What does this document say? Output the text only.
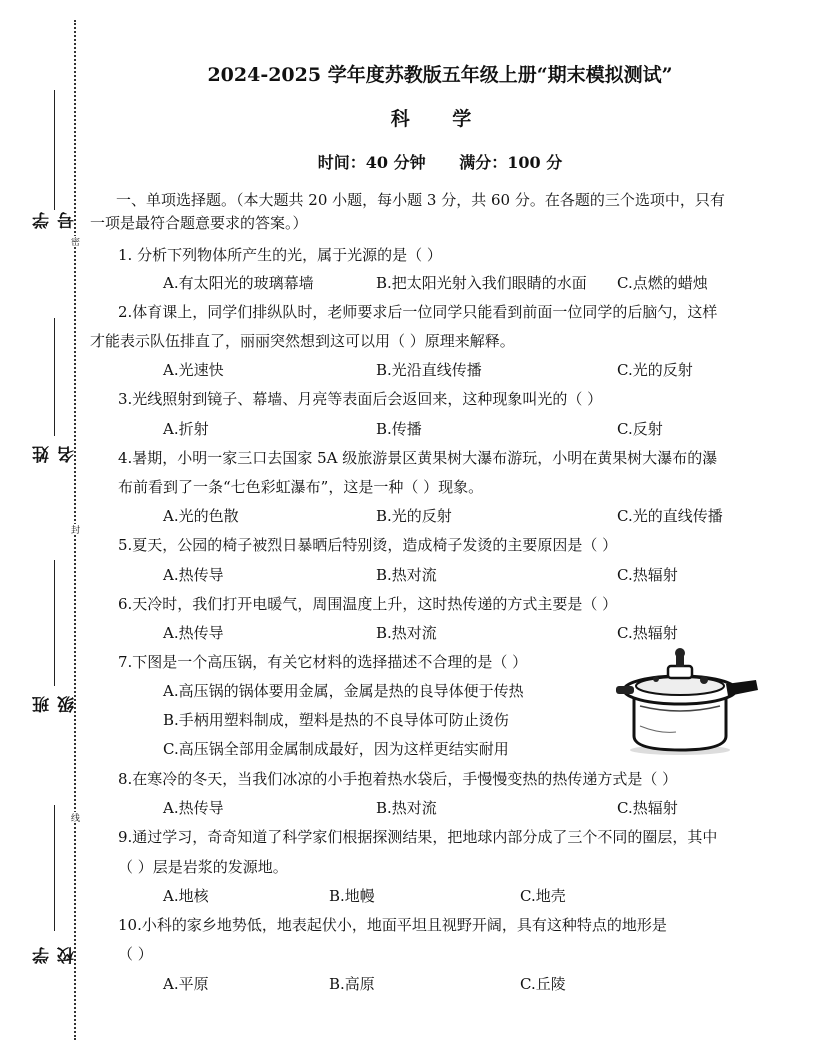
密
封
线
学号
姓名
班级
学校
2024-2025 学年度苏教版五年级上册“期末模拟测试”
科 学
时间：40 分钟 满分：100 分
一、单项选择题。（本大题共 20 小题，每小题 3 分，共 60 分。在各题的三个选项中，只有
一项是最符合题意要求的答案。）
1. 分析下列物体所产生的光，属于光源的是（ ）
A.有太阳光的玻璃幕墙	B.把太阳光射入我们眼睛的水面 C.点燃的蜡烛
2.体育课上，同学们排纵队时，老师要求后一位同学只能看到前面一位同学的后脑勺，这样
才能表示队伍排直了，丽丽突然想到这可以用（ ）原理来解释。
A.光速快	B.光沿直线传播	C.光的反射
3.光线照射到镜子、幕墙、月亮等表面后会返回来，这种现象叫光的（ ）
A.折射	B.传播	C.反射
4.暑期，小明一家三口去国家 5A 级旅游景区黄果树大瀑布游玩，小明在黄果树大瀑布的瀑
布前看到了一条“七色彩虹瀑布”，这是一种（ ）现象。
A.光的色散	B.光的反射	C.光的直线传播
5.夏天，公园的椅子被烈日暴晒后特别烫，造成椅子发烫的主要原因是（ ）
A.热传导	B.热对流	C.热辐射
6.天冷时，我们打开电暖气，周围温度上升，这时热传递的方式主要是（ ）
A.热传导	B.热对流	C.热辐射
7.下图是一个高压锅，有关它材料的选择描述不合理的是（ ）
A.高压锅的锅体要用金属，金属是热的良导体便于传热
B.手柄用塑料制成，塑料是热的不良导体可防止烫伤
C.高压锅全部用金属制成最好，因为这样更结实耐用
8.在寒冷的冬天，当我们冰凉的小手抱着热水袋后，手慢慢变热的热传递方式是（ ）
A.热传导	B.热对流	C.热辐射
9.通过学习，奇奇知道了科学家们根据探测结果，把地球内部分成了三个不同的圈层，其中
（ ）层是岩浆的发源地。
A.地核	B.地幔	C.地壳
10.小科的家乡地势低，地表起伏小，地面平坦且视野开阔，具有这种特点的地形是
（ ）
A.平原	B.高原	C.丘陵
